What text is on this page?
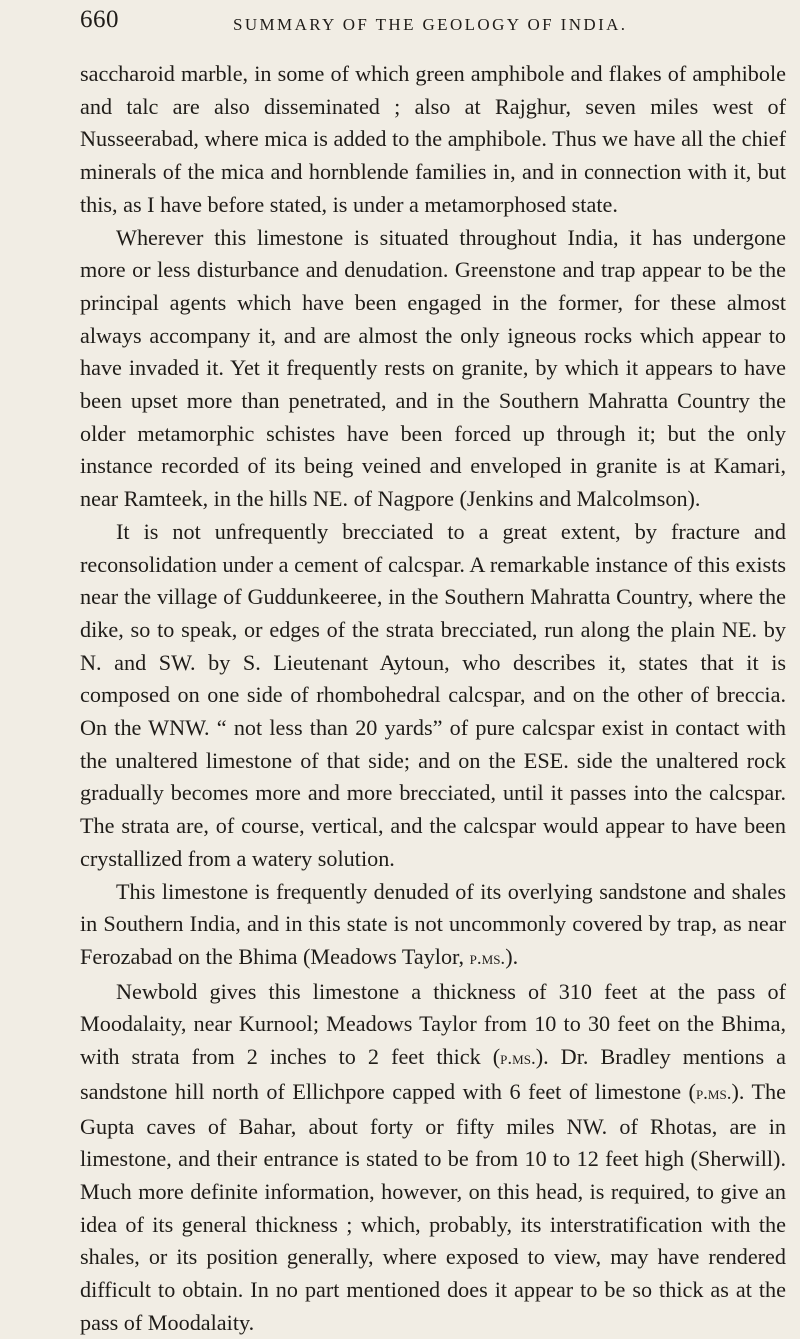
660	SUMMARY OF THE GEOLOGY OF INDIA.

saccharoid marble, in some of which green amphibole and flakes of amphibole and talc are also disseminated ; also at Rajghur, seven miles west of Nusseerabad, where mica is added to the amphibole. Thus we have all the chief minerals of the mica and hornblende families in, and in connection with it, but this, as I have before stated, is under a metamorphosed state.

Wherever this limestone is situated throughout India, it has undergone more or less disturbance and denudation. Greenstone and trap appear to be the principal agents which have been engaged in the former, for these almost always accompany it, and are almost the only igneous rocks which appear to have invaded it. Yet it frequently rests on granite, by which it appears to have been upset more than penetrated, and in the Southern Mahratta Country the older metamorphic schistes have been forced up through it; but the only instance recorded of its being veined and enveloped in granite is at Kamari, near Ramteek, in the hills NE. of Nagpore (Jenkins and Malcolmson).

It is not unfrequently brecciated to a great extent, by fracture and reconsolidation under a cement of calcspar. A remarkable instance of this exists near the village of Guddunkeeree, in the Southern Mahratta Country, where the dike, so to speak, or edges of the strata brecciated, run along the plain NE. by N. and SW. by S. Lieutenant Aytoun, who describes it, states that it is composed on one side of rhombohedral calcspar, and on the other of breccia. On the WNW. “ not less than 20 yards” of pure calcspar exist in contact with the unaltered limestone of that side; and on the ESE. side the unaltered rock gradually becomes more and more brecciated, until it passes into the calcspar. The strata are, of course, vertical, and the calcspar would appear to have been crystallized from a watery solution.

This limestone is frequently denuded of its overlying sandstone and shales in Southern India, and in this state is not uncommonly covered by trap, as near Ferozabad on the Bhima (Meadows Taylor, p.ms.).

Newbold gives this limestone a thickness of 310 feet at the pass of Moodalaity, near Kurnool; Meadows Taylor from 10 to 30 feet on the Bhima, with strata from 2 inches to 2 feet thick (p.ms.). Dr. Bradley mentions a sandstone hill north of Ellichpore capped with 6 feet of limestone (p.ms.). The Gupta caves of Bahar, about forty or fifty miles NW. of Rhotas, are in limestone, and their entrance is stated to be from 10 to 12 feet high (Sherwill). Much more definite information, however, on this head, is required, to give an idea of its general thickness ; which, probably, its interstratification with the shales, or its position generally, where exposed to view, may have rendered difficult to obtain. In no part mentioned does it appear to be so thick as at the pass of Moodalaity.
